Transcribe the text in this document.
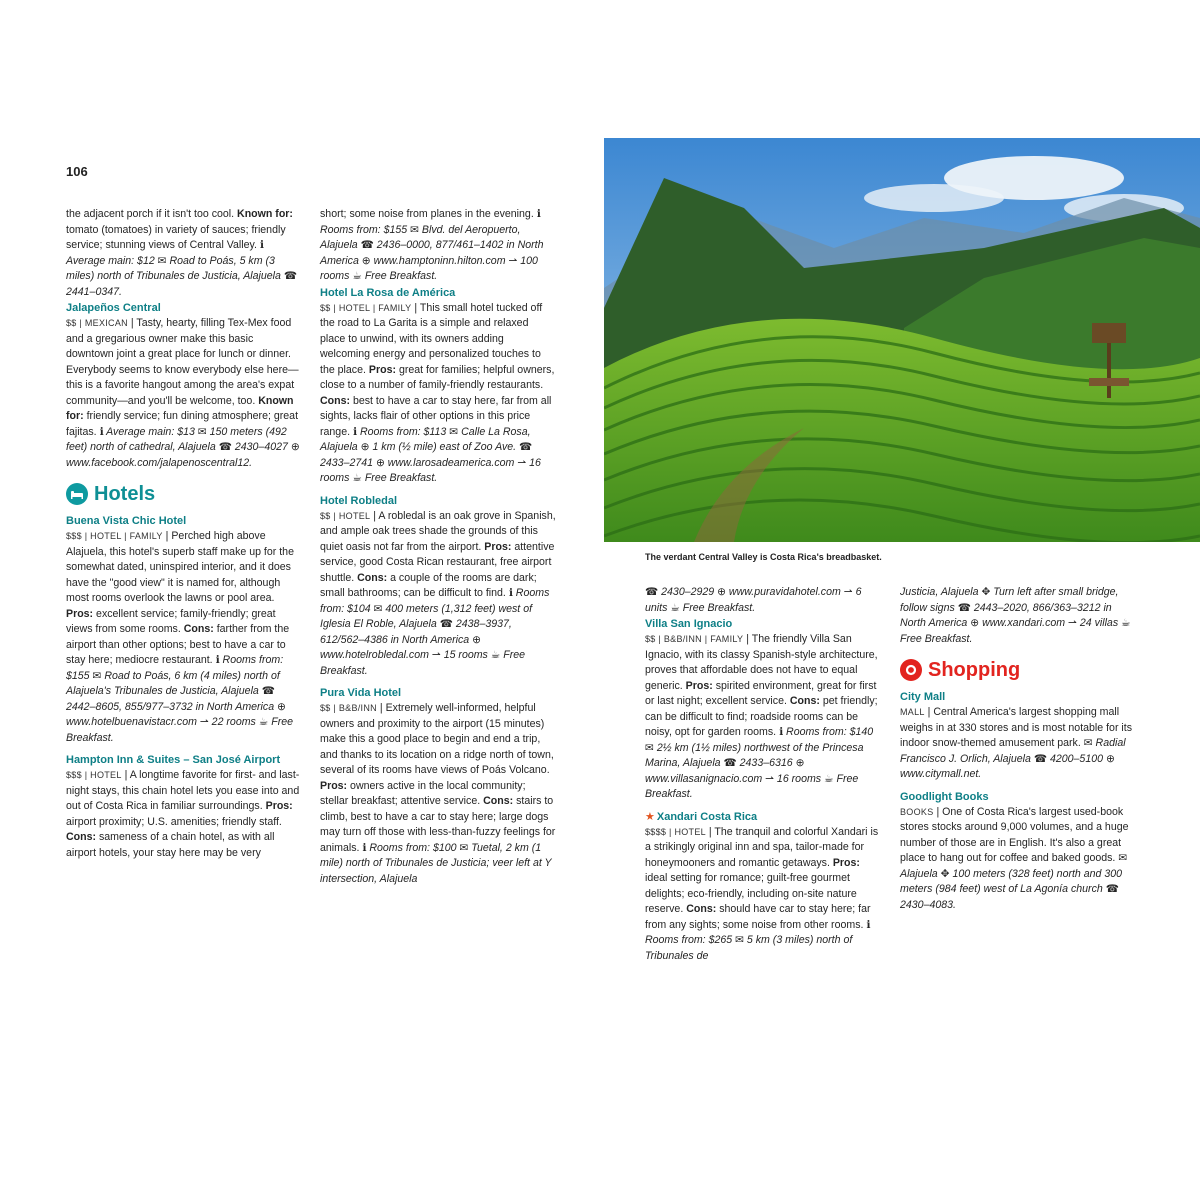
106

the adjacent porch if it isn't too cool. Known for: tomato (tomatoes) in variety of sauces; friendly service; stunning views of Central Valley. ℹ Average main: $12 ✉ Road to Poás, 5 km (3 miles) north of Tribunales de Justicia, Alajuela ☎ 2441–0347.

Jalapeños Central

$$ | MEXICAN | Tasty, hearty, filling Tex-Mex food and a gregarious owner make this basic downtown joint a great place for lunch or dinner. Everybody seems to know everybody else here—this is a favorite hangout among the area's expat community—and you'll be welcome, too. Known for: friendly service; fun dining atmosphere; great fajitas. ℹ Average main: $13 ✉ 150 meters (492 feet) north of cathedral, Alajuela ☎ 2430–4027 ⊕ www.facebook.com/jalapenoscentral12.

Hotels
Buena Vista Chic Hotel

$$$ | HOTEL | FAMILY | Perched high above Alajuela, this hotel's superb staff make up for the somewhat dated, uninspired interior, and it does have the "good view" it is named for, although most rooms overlook the lawns or pool area. Pros: excellent service; family-friendly; great views from some rooms. Cons: farther from the airport than other options; best to have a car to stay here; mediocre restaurant. ℹ Rooms from: $155 ✉ Road to Poás, 6 km (4 miles) north of Alajuela's Tribunales de Justicia, Alajuela ☎ 2442–8605, 855/977–3732 in North America ⊕ www.hotelbuenavistacr.com ⇀ 22 rooms ☕ Free Breakfast.

Hampton Inn & Suites – San José Airport

$$$ | HOTEL | A longtime favorite for first- and last-night stays, this chain hotel lets you ease into and out of Costa Rica in familiar surroundings. Pros: airport proximity; U.S. amenities; friendly staff. Cons: sameness of a chain hotel, as with all airport hotels, your stay here may be very

short; some noise from planes in the evening. ℹ Rooms from: $155 ✉ Blvd. del Aeropuerto, Alajuela ☎ 2436–0000, 877/461–1402 in North America ⊕ www.hamptoninn.hilton.com ⇀ 100 rooms ☕ Free Breakfast.

Hotel La Rosa de América

$$ | HOTEL | FAMILY | This small hotel tucked off the road to La Garita is a simple and relaxed place to unwind, with its owners adding welcoming energy and personalized touches to the place. Pros: great for families; helpful owners, close to a number of family-friendly restaurants. Cons: best to have a car to stay here, far from all sights, lacks flair of other options in this price range. ℹ Rooms from: $113 ✉ Calle La Rosa, Alajuela ⊕ 1 km (½ mile) east of Zoo Ave. ☎ 2433–2741 ⊕ www.larosadeamerica.com ⇀ 16 rooms ☕ Free Breakfast.

Hotel Robledal

$$ | HOTEL | A robledal is an oak grove in Spanish, and ample oak trees shade the grounds of this quiet oasis not far from the airport. Pros: attentive service, good Costa Rican restaurant, free airport shuttle. Cons: a couple of the rooms are dark; small bathrooms; can be difficult to find. ℹ Rooms from: $104 ✉ 400 meters (1,312 feet) west of Iglesia El Roble, Alajuela ☎ 2438–3937, 612/562–4386 in North America ⊕ www.hotelrobledal.com ⇀ 15 rooms ☕ Free Breakfast.

Pura Vida Hotel

$$ | B&B/INN | Extremely well-informed, helpful owners and proximity to the airport (15 minutes) make this a good place to begin and end a trip, and thanks to its location on a ridge north of town, several of its rooms have views of Poás Volcano. Pros: owners active in the local community; stellar breakfast; attentive service. Cons: stairs to climb, best to have a car to stay here; large dogs may turn off those with less-than-fuzzy feelings for animals. ℹ Rooms from: $100 ✉ Tuetal, 2 km (1 mile) north of Tribunales de Justicia; veer left at Y intersection, Alajuela

The verdant Central Valley is Costa Rica's breadbasket.

☎ 2430–2929 ⊕ www.puravidahotel.com ⇀ 6 units ☕ Free Breakfast.

Villa San Ignacio

$$ | B&B/INN | FAMILY | The friendly Villa San Ignacio, with its classy Spanish-style architecture, proves that affordable does not have to equal generic. Pros: spirited environment, great for first or last night; excellent service. Cons: pet friendly; can be difficult to find; roadside rooms can be noisy, opt for garden rooms. ℹ Rooms from: $140 ✉ 2½ km (1½ miles) northwest of the Princesa Marina, Alajuela ☎ 2433–6316 ⊕ www.villasanignacio.com ⇀ 16 rooms ☕ Free Breakfast.

★ Xandari Costa Rica

$$$$ | HOTEL | The tranquil and colorful Xandari is a strikingly original inn and spa, tailor-made for honeymooners and romantic getaways. Pros: ideal setting for romance; guilt-free gourmet delights; eco-friendly, including on-site nature reserve. Cons: should have car to stay here; far from any sights; some noise from other rooms. ℹ Rooms from: $265 ✉ 5 km (3 miles) north of Tribunales de

Justicia, Alajuela ✥ Turn left after small bridge, follow signs ☎ 2443–2020, 866/363–3212 in North America ⊕ www.xandari.com ⇀ 24 villas ☕ Free Breakfast.

Shopping
City Mall

MALL | Central America's largest shopping mall weighs in at 330 stores and is most notable for its indoor snow-themed amusement park. ✉ Radial Francisco J. Orlich, Alajuela ☎ 4200–5100 ⊕ www.citymall.net.

Goodlight Books

BOOKS | One of Costa Rica's largest used-book stores stocks around 9,000 volumes, and a huge number of those are in English. It's also a great place to hang out for coffee and baked goods. ✉ Alajuela ✥ 100 meters (328 feet) north and 300 meters (984 feet) west of La Agonía church ☎ 2430–4083.
